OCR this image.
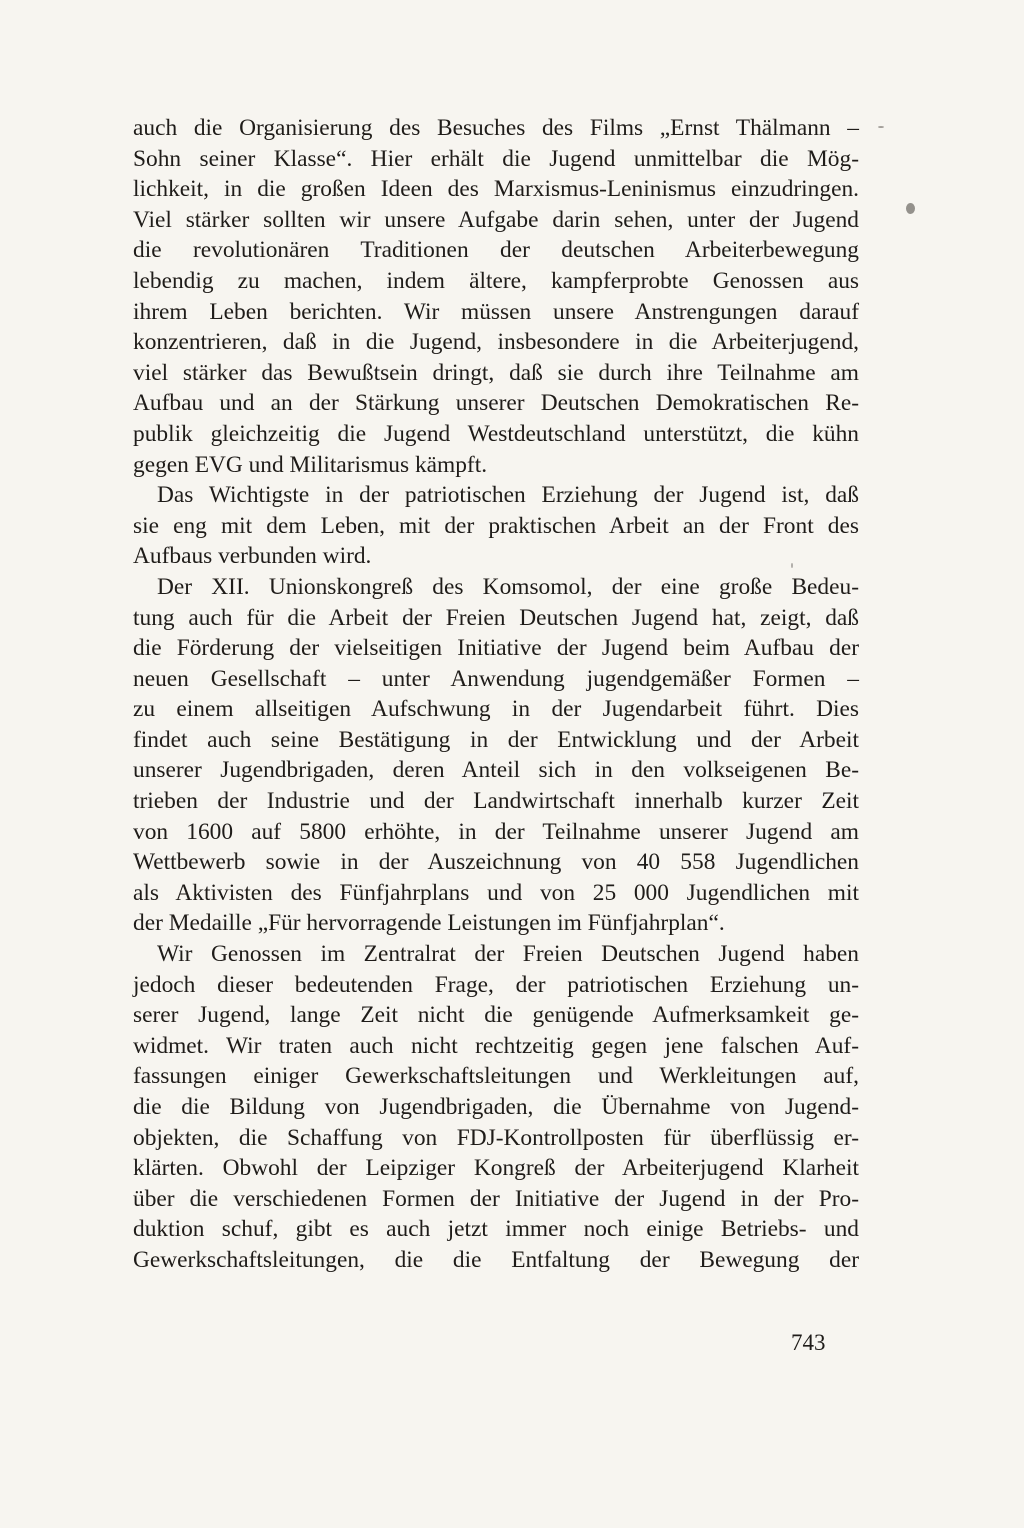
auch die Organisierung des Besuches des Films „Ernst Thälmann –
Sohn seiner Klasse“. Hier erhält die Jugend unmittelbar die Mög-
lichkeit, in die großen Ideen des Marxismus-Leninismus einzudringen.
Viel stärker sollten wir unsere Aufgabe darin sehen, unter der Jugend
die revolutionären Traditionen der deutschen Arbeiterbewegung
lebendig zu machen, indem ältere, kampferprobte Genossen aus
ihrem Leben berichten. Wir müssen unsere Anstrengungen darauf
konzentrieren, daß in die Jugend, insbesondere in die Arbeiterjugend,
viel stärker das Bewußtsein dringt, daß sie durch ihre Teilnahme am
Aufbau und an der Stärkung unserer Deutschen Demokratischen Re-
publik gleichzeitig die Jugend Westdeutschland unterstützt, die kühn
gegen EVG und Militarismus kämpft.
Das Wichtigste in der patriotischen Erziehung der Jugend ist, daß
sie eng mit dem Leben, mit der praktischen Arbeit an der Front des
Aufbaus verbunden wird.
Der XII. Unionskongreß des Komsomol, der eine große Bedeu-
tung auch für die Arbeit der Freien Deutschen Jugend hat, zeigt, daß
die Förderung der vielseitigen Initiative der Jugend beim Aufbau der
neuen Gesellschaft – unter Anwendung jugendgemäßer Formen –
zu einem allseitigen Aufschwung in der Jugendarbeit führt. Dies
findet auch seine Bestätigung in der Entwicklung und der Arbeit
unserer Jugendbrigaden, deren Anteil sich in den volkseigenen Be-
trieben der Industrie und der Landwirtschaft innerhalb kurzer Zeit
von 1600 auf 5800 erhöhte, in der Teilnahme unserer Jugend am
Wettbewerb sowie in der Auszeichnung von 40 558 Jugendlichen
als Aktivisten des Fünfjahrplans und von 25 000 Jugendlichen mit
der Medaille „Für hervorragende Leistungen im Fünfjahrplan“.
Wir Genossen im Zentralrat der Freien Deutschen Jugend haben
jedoch dieser bedeutenden Frage, der patriotischen Erziehung un-
serer Jugend, lange Zeit nicht die genügende Aufmerksamkeit ge-
widmet. Wir traten auch nicht rechtzeitig gegen jene falschen Auf-
fassungen einiger Gewerkschaftsleitungen und Werkleitungen auf,
die die Bildung von Jugendbrigaden, die Übernahme von Jugend-
objekten, die Schaffung von FDJ-Kontrollposten für überflüssig er-
klärten. Obwohl der Leipziger Kongreß der Arbeiterjugend Klarheit
über die verschiedenen Formen der Initiative der Jugend in der Pro-
duktion schuf, gibt es auch jetzt immer noch einige Betriebs- und
Gewerkschaftsleitungen, die die Entfaltung der Bewegung der
743
